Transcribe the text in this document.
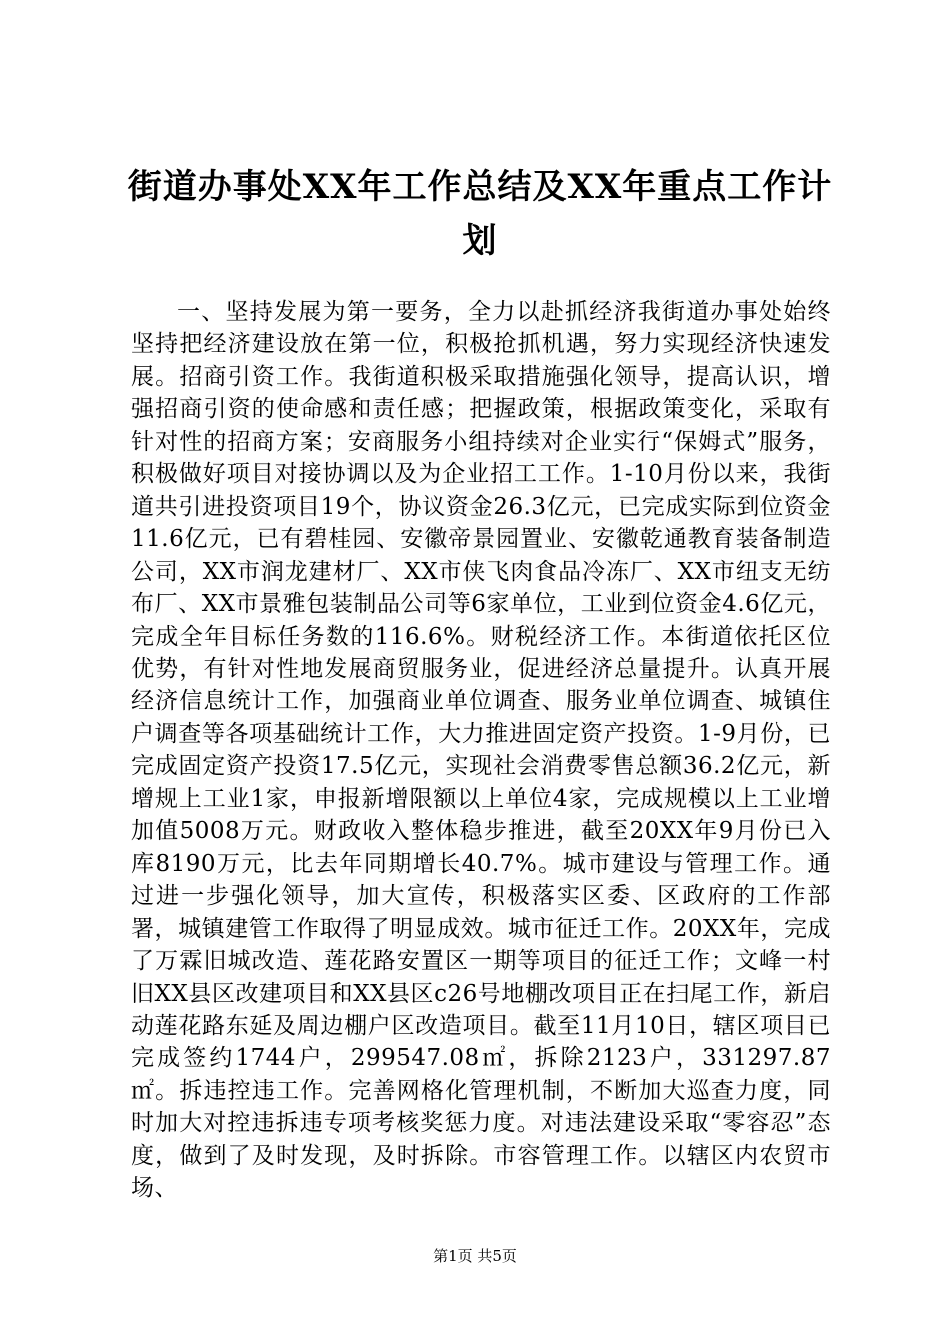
街道办事处XX年工作总结及XX年重点工作计划

一、坚持发展为第一要务，全力以赴抓经济我街道办事处始终坚持把经济建设放在第一位，积极抢抓机遇，努力实现经济快速发展。招商引资工作。我街道积极采取措施强化领导，提高认识，增强招商引资的使命感和责任感；把握政策，根据政策变化，采取有针对性的招商方案；安商服务小组持续对企业实行“保姆式”服务，积极做好项目对接协调以及为企业招工工作。1-10月份以来，我街道共引进投资项目19个，协议资金26.3亿元，已完成实际到位资金11.6亿元，已有碧桂园、安徽帝景园置业、安徽乾通教育装备制造公司，XX市润龙建材厂、XX市侠飞肉食品冷冻厂、XX市纽支无纺布厂、XX市景雅包装制品公司等6家单位，工业到位资金4.6亿元，完成全年目标任务数的116.6%。财税经济工作。本街道依托区位优势，有针对性地发展商贸服务业，促进经济总量提升。认真开展经济信息统计工作，加强商业单位调查、服务业单位调查、城镇住户调查等各项基础统计工作，大力推进固定资产投资。1-9月份，已完成固定资产投资17.5亿元，实现社会消费零售总额36.2亿元，新增规上工业1家，申报新增限额以上单位4家，完成规模以上工业增加值5008万元。财政收入整体稳步推进，截至20XX年9月份已入库8190万元，比去年同期增长40.7%。城市建设与管理工作。通过进一步强化领导，加大宣传，积极落实区委、区政府的工作部署，城镇建管工作取得了明显成效。城市征迁工作。20XX年，完成了万霖旧城改造、莲花路安置区一期等项目的征迁工作；文峰一村旧XX县区改建项目和XX县区c26号地棚改项目正在扫尾工作，新启动莲花路东延及周边棚户区改造项目。截至11月10日，辖区项目已完成签约1744户，299547.08㎡，拆除2123户，331297.87㎡。拆违控违工作。完善网格化管理机制，不断加大巡查力度，同时加大对控违拆违专项考核奖惩力度。对违法建设采取“零容忍”态度，做到了及时发现，及时拆除。市容管理工作。以辖区内农贸市场、

第1页 共5页
